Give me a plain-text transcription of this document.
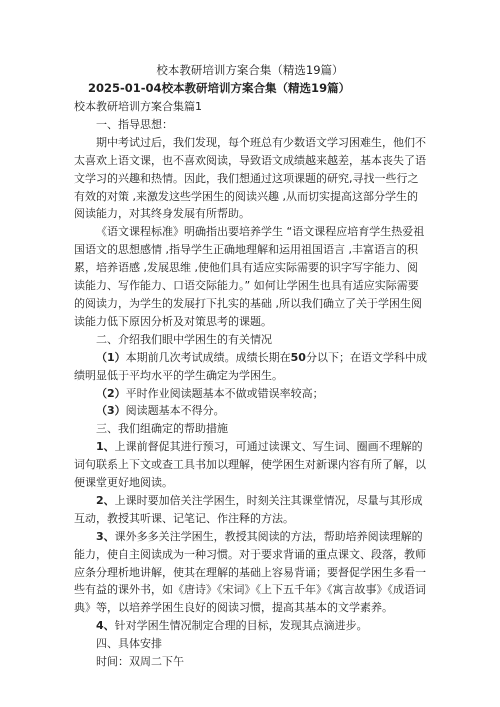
校本教研培训方案合集（精选19篇）
2025-01-04校本教研培训方案合集（精选19篇）

校本教研培训方案合集篇1

一、指导思想：

期中考试过后，我们发现，每个班总有少数语文学习困难生，他们不太喜欢上语文课，也不喜欢阅读，导致语文成绩越来越差，基本丧失了语文学习的兴趣和热情。因此，我们想通过这项课题的研究,寻找一些行之有效的对策 ,来激发这些学困生的阅读兴趣 ,从而切实提高这部分学生的阅读能力，对其终身发展有所帮助。

《语文课程标准》明确指出要培养学生 “语文课程应培育学生热爱祖国语文的思想感情 ,指导学生正确地理解和运用祖国语言 ,丰富语言的积累，培养语感 ,发展思维 ,使他们具有适应实际需要的识字写字能力、阅读能力、写作能力、口语交际能力。” 如何让学困生也具有适应实际需要的阅读力，为学生的发展打下扎实的基础 ,所以我们确立了关于学困生阅读能力低下原因分析及对策思考的课题。

二、介绍我们眼中学困生的有关情况

（1）本期前几次考试成绩。成绩长期在50分以下；在语文学科中成绩明显低于平均水平的学生确定为学困生。

（2）平时作业阅读题基本不做或错误率较高；

（3）阅读题基本不得分。

三、我们组确定的帮助措施

1、上课前督促其进行预习，可通过读课文、写生词、圈画不理解的词句联系上下文或查工具书加以理解，使学困生对新课内容有所了解，以便课堂更好地阅读。

2、上课时要加倍关注学困生，时刻关注其课堂情况，尽量与其形成互动，教授其听课、记笔记、作注释的方法。

3、课外多多关注学困生，教授其阅读的方法，帮助培养阅读理解的能力，使自主阅读成为一种习惯。对于要求背诵的重点课文、段落，教师应条分理析地讲解，使其在理解的基础上容易背诵；要督促学困生多看一些有益的课外书，如《唐诗》《宋词》《上下五千年》《寓言故事》《成语词典》等，以培养学困生良好的阅读习惯，提高其基本的文学素养。

4、针对学困生情况制定合理的目标，发现其点滴进步。

四、具体安排

时间：双周二下午
